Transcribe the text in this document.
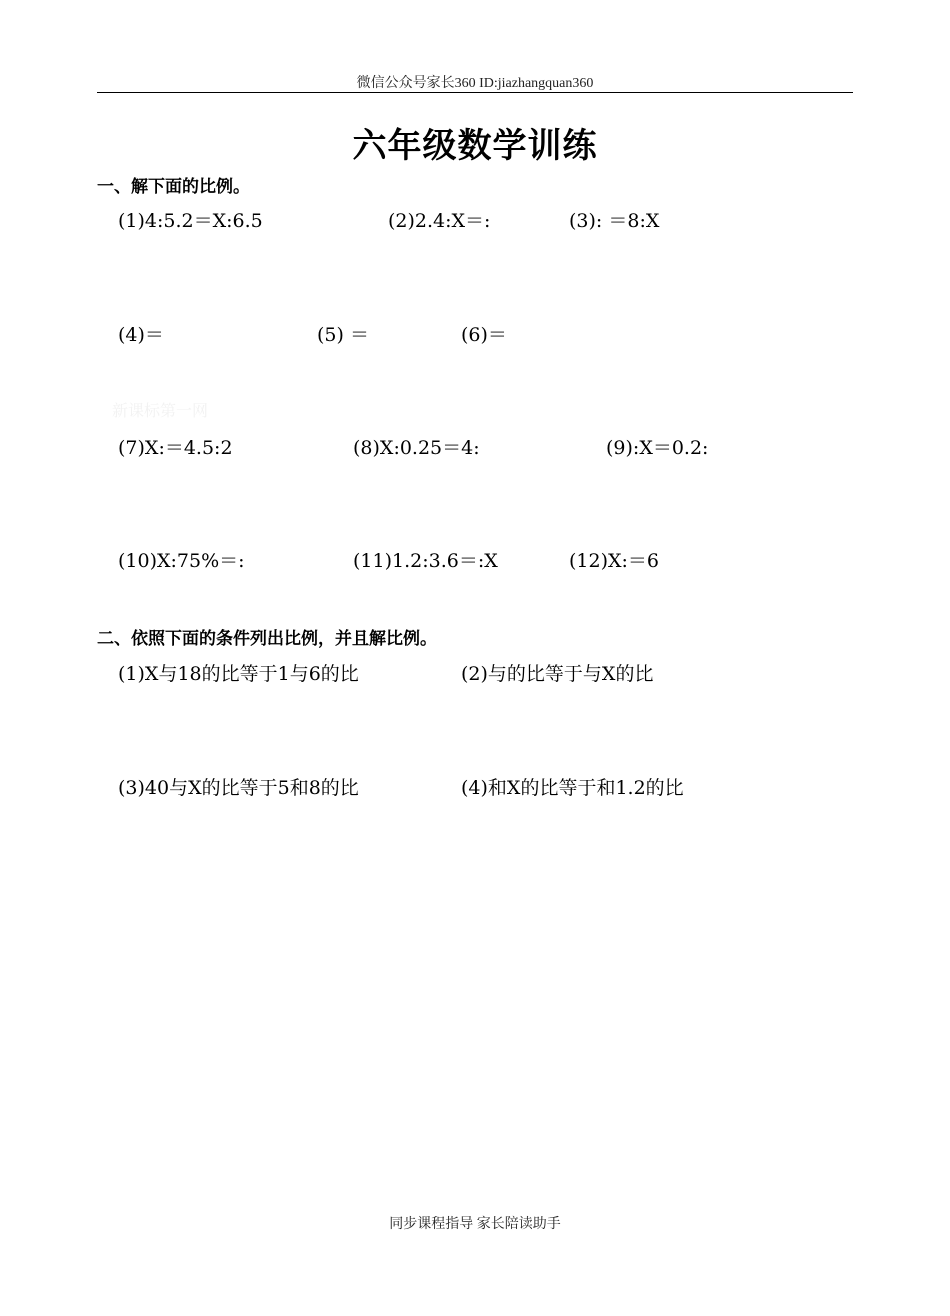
微信公众号家长360 ID:jiazhangquan360
六年级数学训练
一、解下面的比例。
(1)4:5.2＝X:6.5	(2)2.4:X＝:	(3): ＝8:X
(4)＝	(5) ＝	(6)＝
新课标第一网
(7)X:＝4.5:2	(8)X:0.25＝4:	(9):X＝0.2:
(10)X:75%＝:	(11)1.2:3.6＝:X	(12)X:＝6
二、依照下面的条件列出比例，并且解比例。
(1)X与18的比等于1与6的比	(2)与的比等于与X的比
(3)40与X的比等于5和8的比	(4)和X的比等于和1.2的比
同步课程指导 家长陪读助手
